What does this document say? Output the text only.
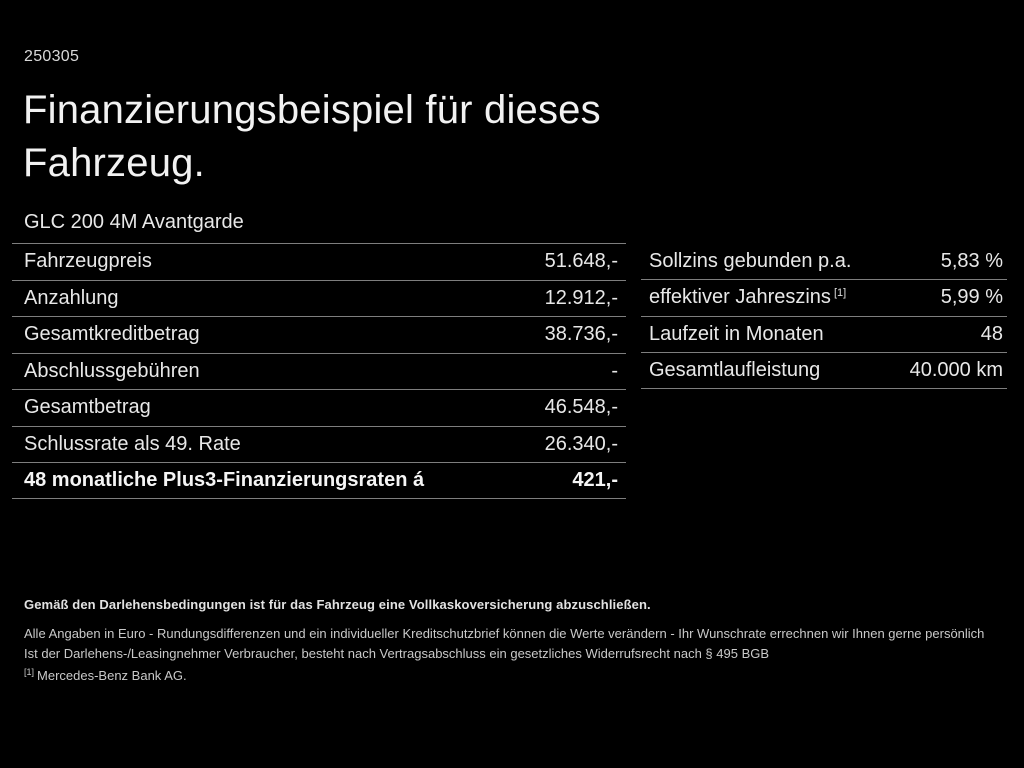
250305
Finanzierungsbeispiel für dieses
Fahrzeug.
GLC 200 4M Avantgarde
Fahrzeugpreis	51.648,-
Anzahlung	12.912,-
Gesamtkreditbetrag	38.736,-
Abschlussgebühren	-
Gesamtbetrag	46.548,-
Schlussrate als 49. Rate	26.340,-
48 monatliche Plus3-Finanzierungsraten á	421,-
Sollzins gebunden p.a.	5,83 %
effektiver Jahreszins [1]	5,99 %
Laufzeit in Monaten	48
Gesamtlaufleistung	40.000 km

Gemäß den Darlehensbedingungen ist für das Fahrzeug eine Vollkaskoversicherung abzuschließen.

Alle Angaben in Euro - Rundungsdifferenzen und ein individueller Kreditschutzbrief können die Werte verändern - Ihr Wunschrate errechnen wir Ihnen gerne persönlich

Ist der Darlehens-/Leasingnehmer Verbraucher, besteht nach Vertragsabschluss ein gesetzliches Widerrufsrecht nach § 495 BGB

[1] Mercedes-Benz Bank AG.
